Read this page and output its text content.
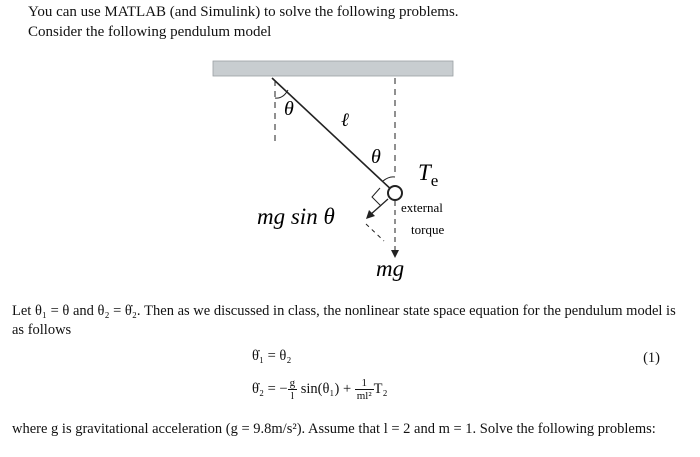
You can use MATLAB (and Simulink) to solve the following problems.
Consider the following pendulum model
θ
ℓ
θ
$T_e$
external
torque
mg sin θ
mg
Let θ₁ = θ and θ₂ = θ̇₂. Then as we discussed in class, the nonlinear state space equation for the pendulum model is as follows
θ̇₁ = θ₂
θ̇₂ = − $\frac{g}{l} \sin(\theta_1) + \frac{1}{\text{ml²}} T_2$
(1)
where g is gravitational acceleration (g = 9.8m/s²). Assume that l = 2 and m = 1. Solve the following problems:
